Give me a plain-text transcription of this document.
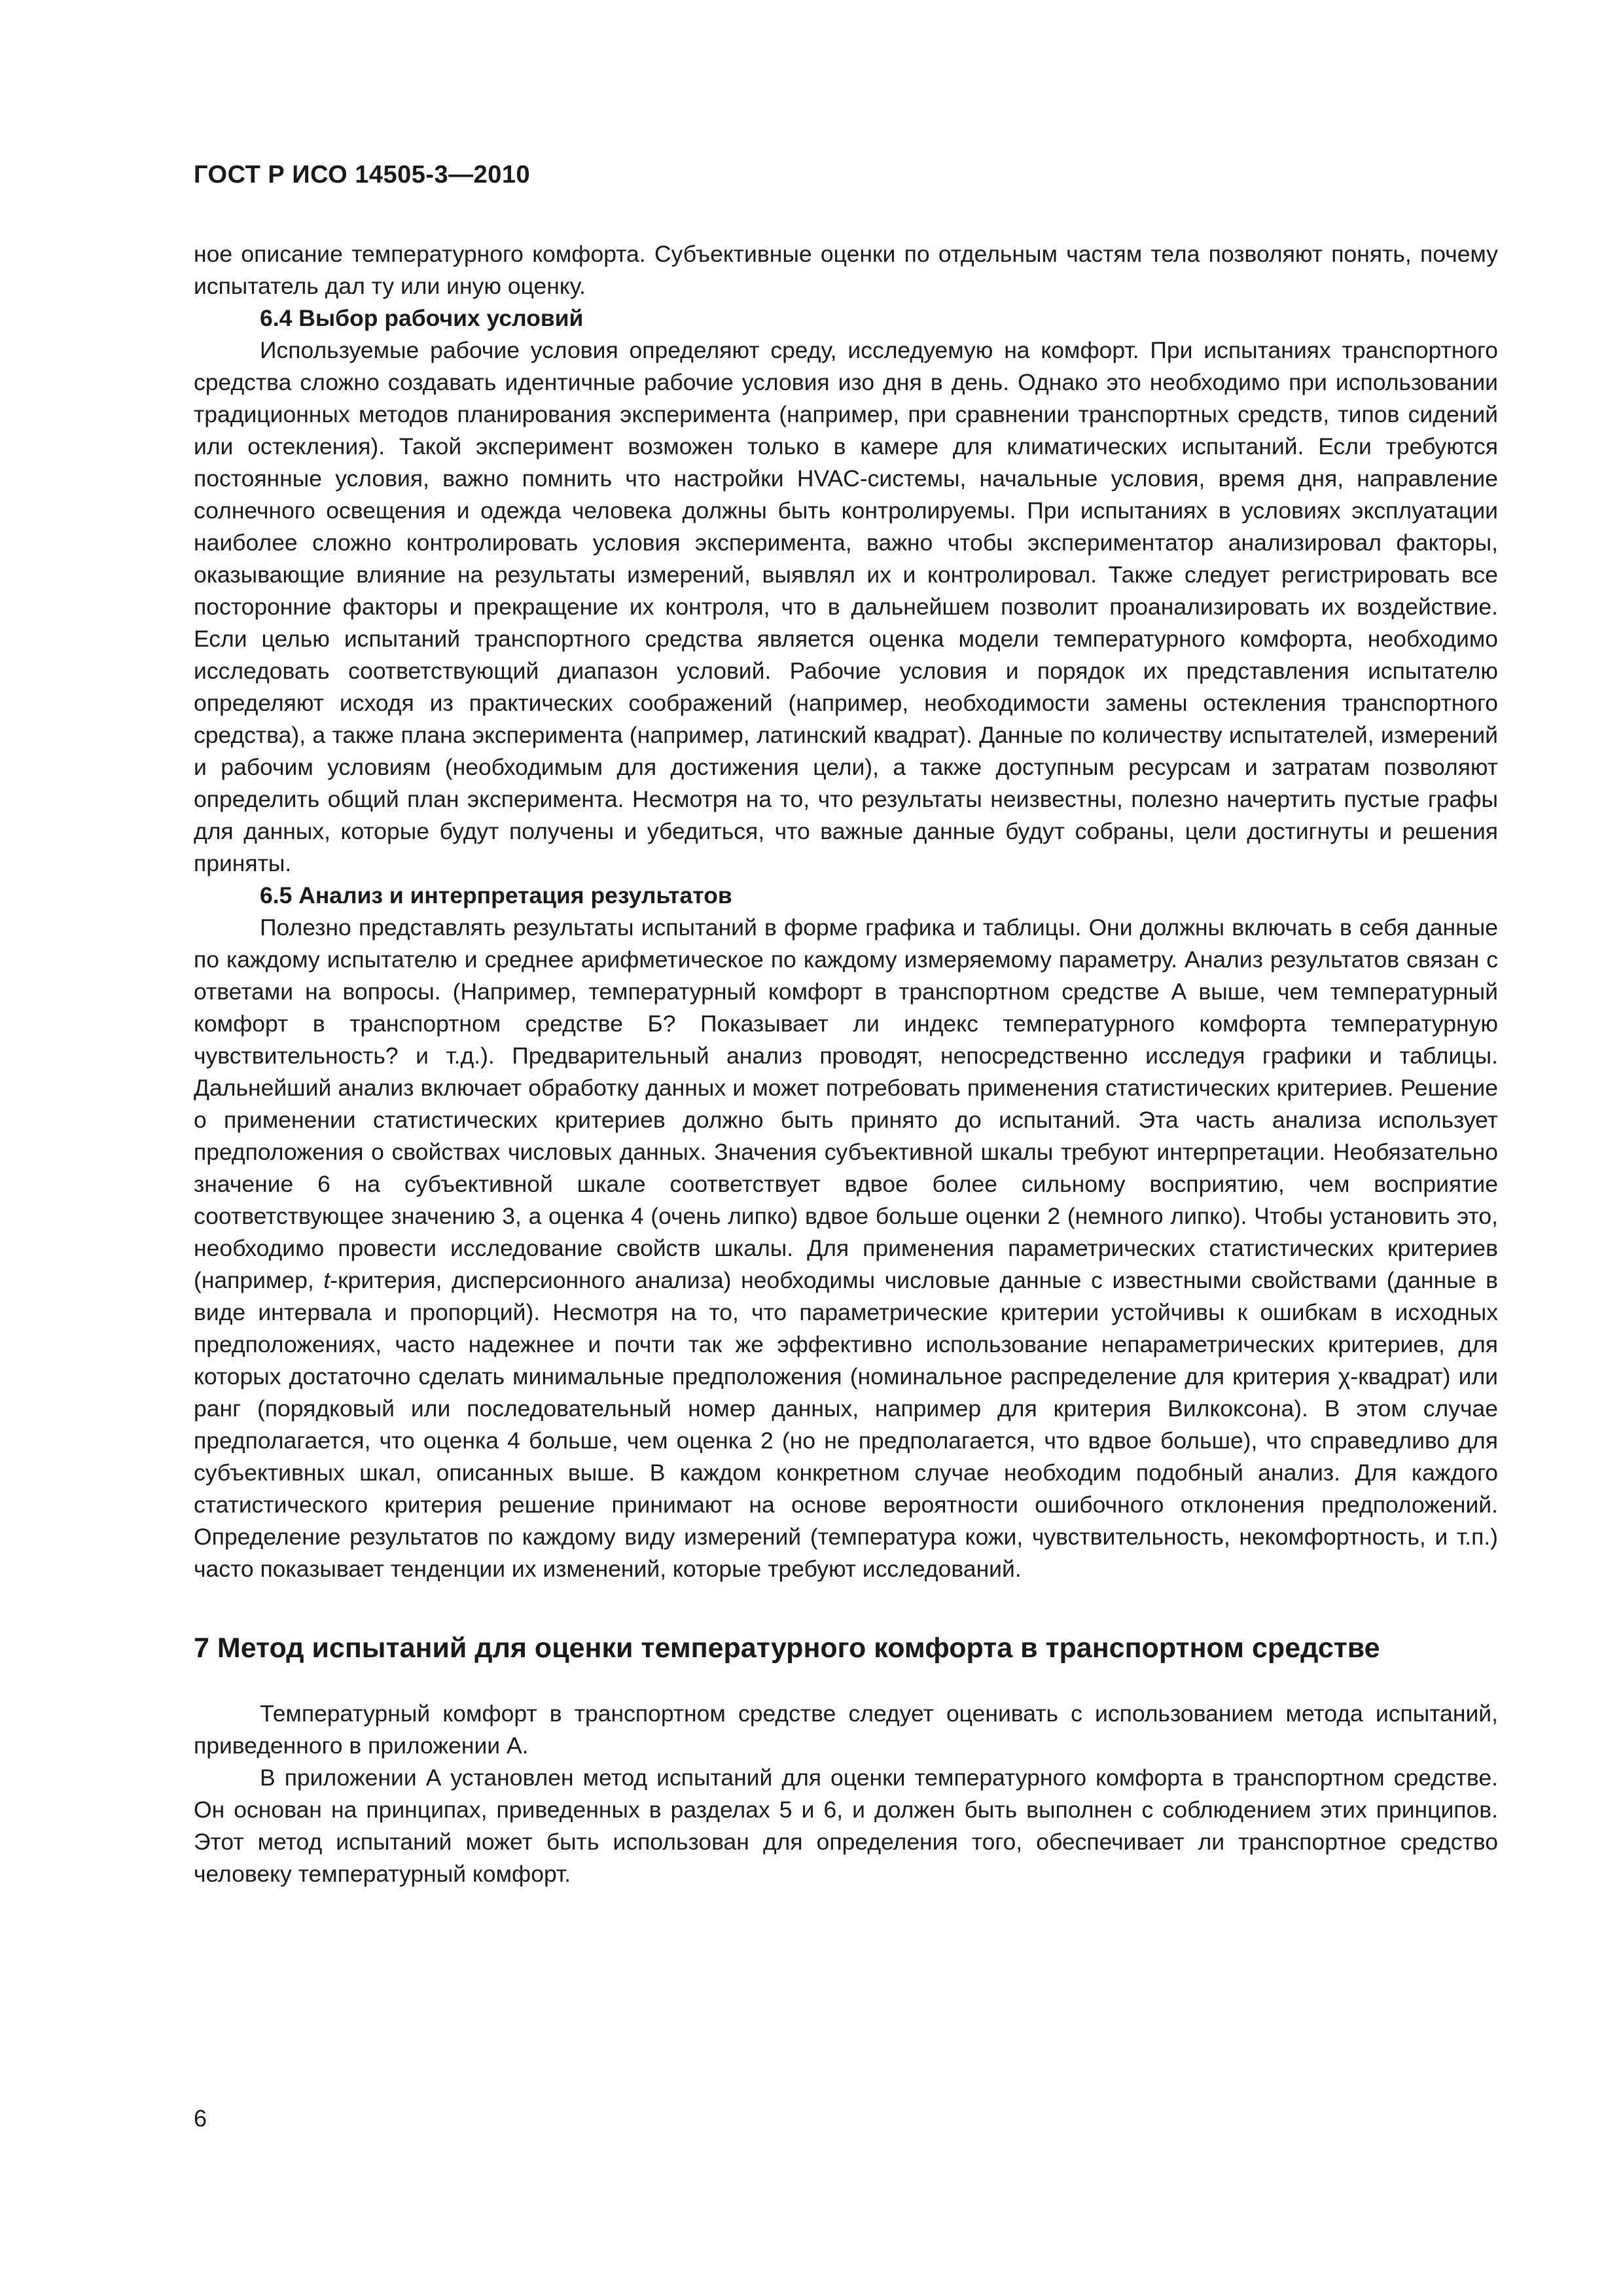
ГОСТ Р ИСО 14505-3—2010

ное описание температурного комфорта. Субъективные оценки по отдельным частям тела позволяют понять, почему испытатель дал ту или иную оценку.

6.4 Выбор рабочих условий

Используемые рабочие условия определяют среду, исследуемую на комфорт. При испытаниях транспортного средства сложно создавать идентичные рабочие условия изо дня в день. Однако это необходимо при использовании традиционных методов планирования эксперимента (например, при сравнении транспортных средств, типов сидений или остекления). Такой эксперимент возможен только в камере для климатических испытаний. Если требуются постоянные условия, важно помнить что настройки HVAC-системы, начальные условия, время дня, направление солнечного освещения и одежда человека должны быть контролируемы. При испытаниях в условиях эксплуатации наиболее сложно контролировать условия эксперимента, важно чтобы экспериментатор анализировал факторы, оказывающие влияние на результаты измерений, выявлял их и контролировал. Также следует регистрировать все посторонние факторы и прекращение их контроля, что в дальнейшем позволит проанализировать их воздействие. Если целью испытаний транспортного средства является оценка модели температурного комфорта, необходимо исследовать соответствующий диапазон условий. Рабочие условия и порядок их представления испытателю определяют исходя из практических соображений (например, необходимости замены остекления транспортного средства), а также плана эксперимента (например, латинский квадрат). Данные по количеству испытателей, измерений и рабочим условиям (необходимым для достижения цели), а также доступным ресурсам и затратам позволяют определить общий план эксперимента. Несмотря на то, что результаты неизвестны, полезно начертить пустые графы для данных, которые будут получены и убедиться, что важные данные будут собраны, цели достигнуты и решения приняты.

6.5 Анализ и интерпретация результатов

Полезно представлять результаты испытаний в форме графика и таблицы. Они должны включать в себя данные по каждому испытателю и среднее арифметическое по каждому измеряемому параметру. Анализ результатов связан с ответами на вопросы. (Например, температурный комфорт в транспортном средстве А выше, чем температурный комфорт в транспортном средстве Б? Показывает ли индекс температурного комфорта температурную чувствительность? и т.д.). Предварительный анализ проводят, непосредственно исследуя графики и таблицы. Дальнейший анализ включает обработку данных и может потребовать применения статистических критериев. Решение о применении статистических критериев должно быть принято до испытаний. Эта часть анализа использует предположения о свойствах числовых данных. Значения субъективной шкалы требуют интерпретации. Необязательно значение 6 на субъективной шкале соответствует вдвое более сильному восприятию, чем восприятие соответствующее значению 3, а оценка 4 (очень липко) вдвое больше оценки 2 (немного липко). Чтобы установить это, необходимо провести исследование свойств шкалы. Для применения параметрических статистических критериев (например, t-критерия, дисперсионного анализа) необходимы числовые данные с известными свойствами (данные в виде интервала и пропорций). Несмотря на то, что параметрические критерии устойчивы к ошибкам в исходных предположениях, часто надежнее и почти так же эффективно использование непараметрических критериев, для которых достаточно сделать минимальные предположения (номинальное распределение для критерия χ-квадрат) или ранг (порядковый или последовательный номер данных, например для критерия Вилкоксона). В этом случае предполагается, что оценка 4 больше, чем оценка 2 (но не предполагается, что вдвое больше), что справедливо для субъективных шкал, описанных выше. В каждом конкретном случае необходим подобный анализ. Для каждого статистического критерия решение принимают на основе вероятности ошибочного отклонения предположений. Определение результатов по каждому виду измерений (температура кожи, чувствительность, некомфортность, и т.п.) часто показывает тенденции их изменений, которые требуют исследований.

7 Метод испытаний для оценки температурного комфорта в транспортном средстве

Температурный комфорт в транспортном средстве следует оценивать с использованием метода испытаний, приведенного в приложении А.

В приложении А установлен метод испытаний для оценки температурного комфорта в транспортном средстве. Он основан на принципах, приведенных в разделах 5 и 6, и должен быть выполнен с соблюдением этих принципов. Этот метод испытаний может быть использован для определения того, обеспечивает ли транспортное средство человеку температурный комфорт.

6
